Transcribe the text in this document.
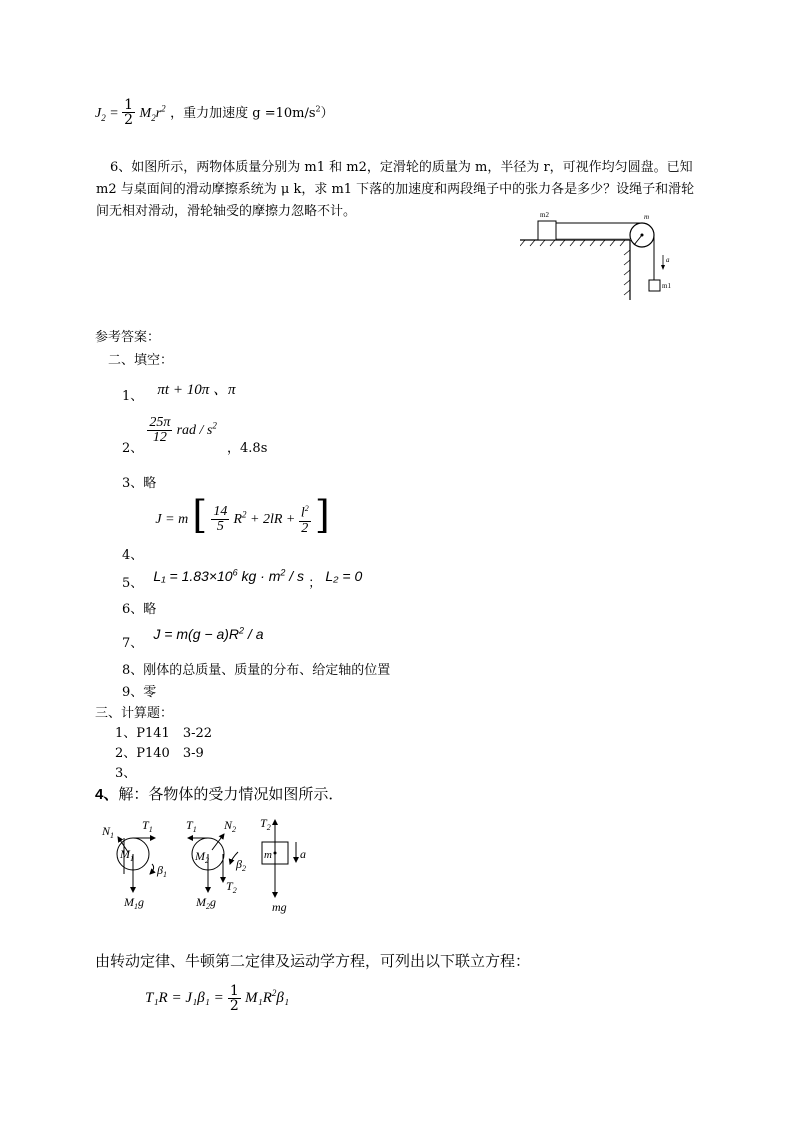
$J_2 = \frac{1}{2} M_2r^2$ ，重力加速度 $g =10m/s^2$）
6、如图所示，两物体质量分别为 m1 和 m2，定滑轮的质量为 m，半径为 r，可视作均匀圆盘。已知 m2 与桌面间的滑动摩擦系统为 μ k，求 m1 下落的加速度和两段绳子中的张力各是多少？设绳子和滑轮间无相对滑动，滑轮轴受的摩擦力忽略不计。	m2	m
a
m1
参考答案：
二、填空：
1、 πt + 10π 、π
2、
$\frac{25\pi}{12}$ rad / $s^2$ ，4.8s
3、略
4、 J = m [ $\frac{14}{5} R^2 + 2lR + \frac{l^2}{2}$ ]
5、 $L_1 = 1.83\times 10^6$ kg · $m^2$ / s ； L₂ = 0
6、略
7、 $J = m(g - a)R^2 / a$
8、刚体的总质量、质量的分布、给定轴的位置
9、零
三、计算题：
1、P141　3-22
2、P140　3-9
3、
4、解：各物体的受力情况如图所示．
$N_1$
$T_1$
$M_1$
$\beta_1$
$M_1g$
$T_1$ $N_2$
$M_2$ $\beta_2$
$T_2$
$M_2g$
$T_2$
m a
mg
由转动定律、牛顿第二定律及运动学方程，可列出以下联立方程：
$T_1R = J_1\beta_1 = \frac{1}{2} M_1R^2\beta_1$
